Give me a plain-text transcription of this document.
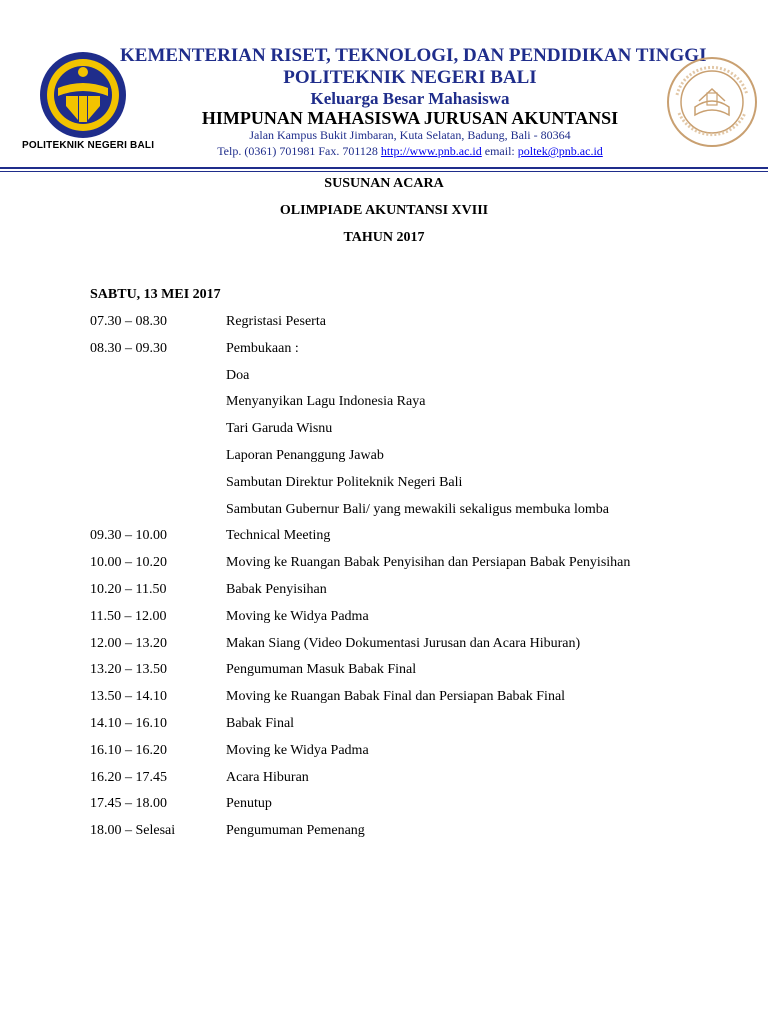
POLITEKNIK NEGERI BALI
KEMENTERIAN RISET, TEKNOLOGI, DAN PENDIDIKAN TINGGI
POLITEKNIK NEGERI BALI
Keluarga Besar Mahasiswa
HIMPUNAN MAHASISWA JURUSAN AKUNTANSI
Jalan Kampus Bukit Jimbaran, Kuta Selatan, Badung, Bali - 80364
Telp. (0361) 701981 Fax. 701128 http://www.pnb.ac.id email: poltek@pnb.ac.id
SUSUNAN ACARA
OLIMPIADE AKUNTANSI XVIII
TAHUN 2017
SABTU, 13 MEI 2017
07.30 – 08.30	Regristasi Peserta
08.30 – 09.30	Pembukaan :
Doa
Menyanyikan Lagu Indonesia Raya
Tari Garuda Wisnu
Laporan Penanggung Jawab
Sambutan Direktur Politeknik Negeri Bali
Sambutan Gubernur Bali/ yang mewakili sekaligus membuka lomba
09.30 – 10.00	Technical Meeting
10.00 – 10.20	Moving ke Ruangan Babak Penyisihan dan Persiapan Babak Penyisihan
10.20 – 11.50	Babak Penyisihan
11.50 – 12.00	Moving ke Widya Padma
12.00 – 13.20	Makan Siang (Video Dokumentasi Jurusan dan Acara Hiburan)
13.20 – 13.50	Pengumuman Masuk Babak Final
13.50 – 14.10	Moving ke Ruangan Babak Final dan Persiapan Babak Final
14.10 – 16.10	Babak Final
16.10 – 16.20	Moving ke Widya Padma
16.20 – 17.45	Acara Hiburan
17.45 – 18.00	Penutup
18.00 – Selesai	Pengumuman Pemenang
